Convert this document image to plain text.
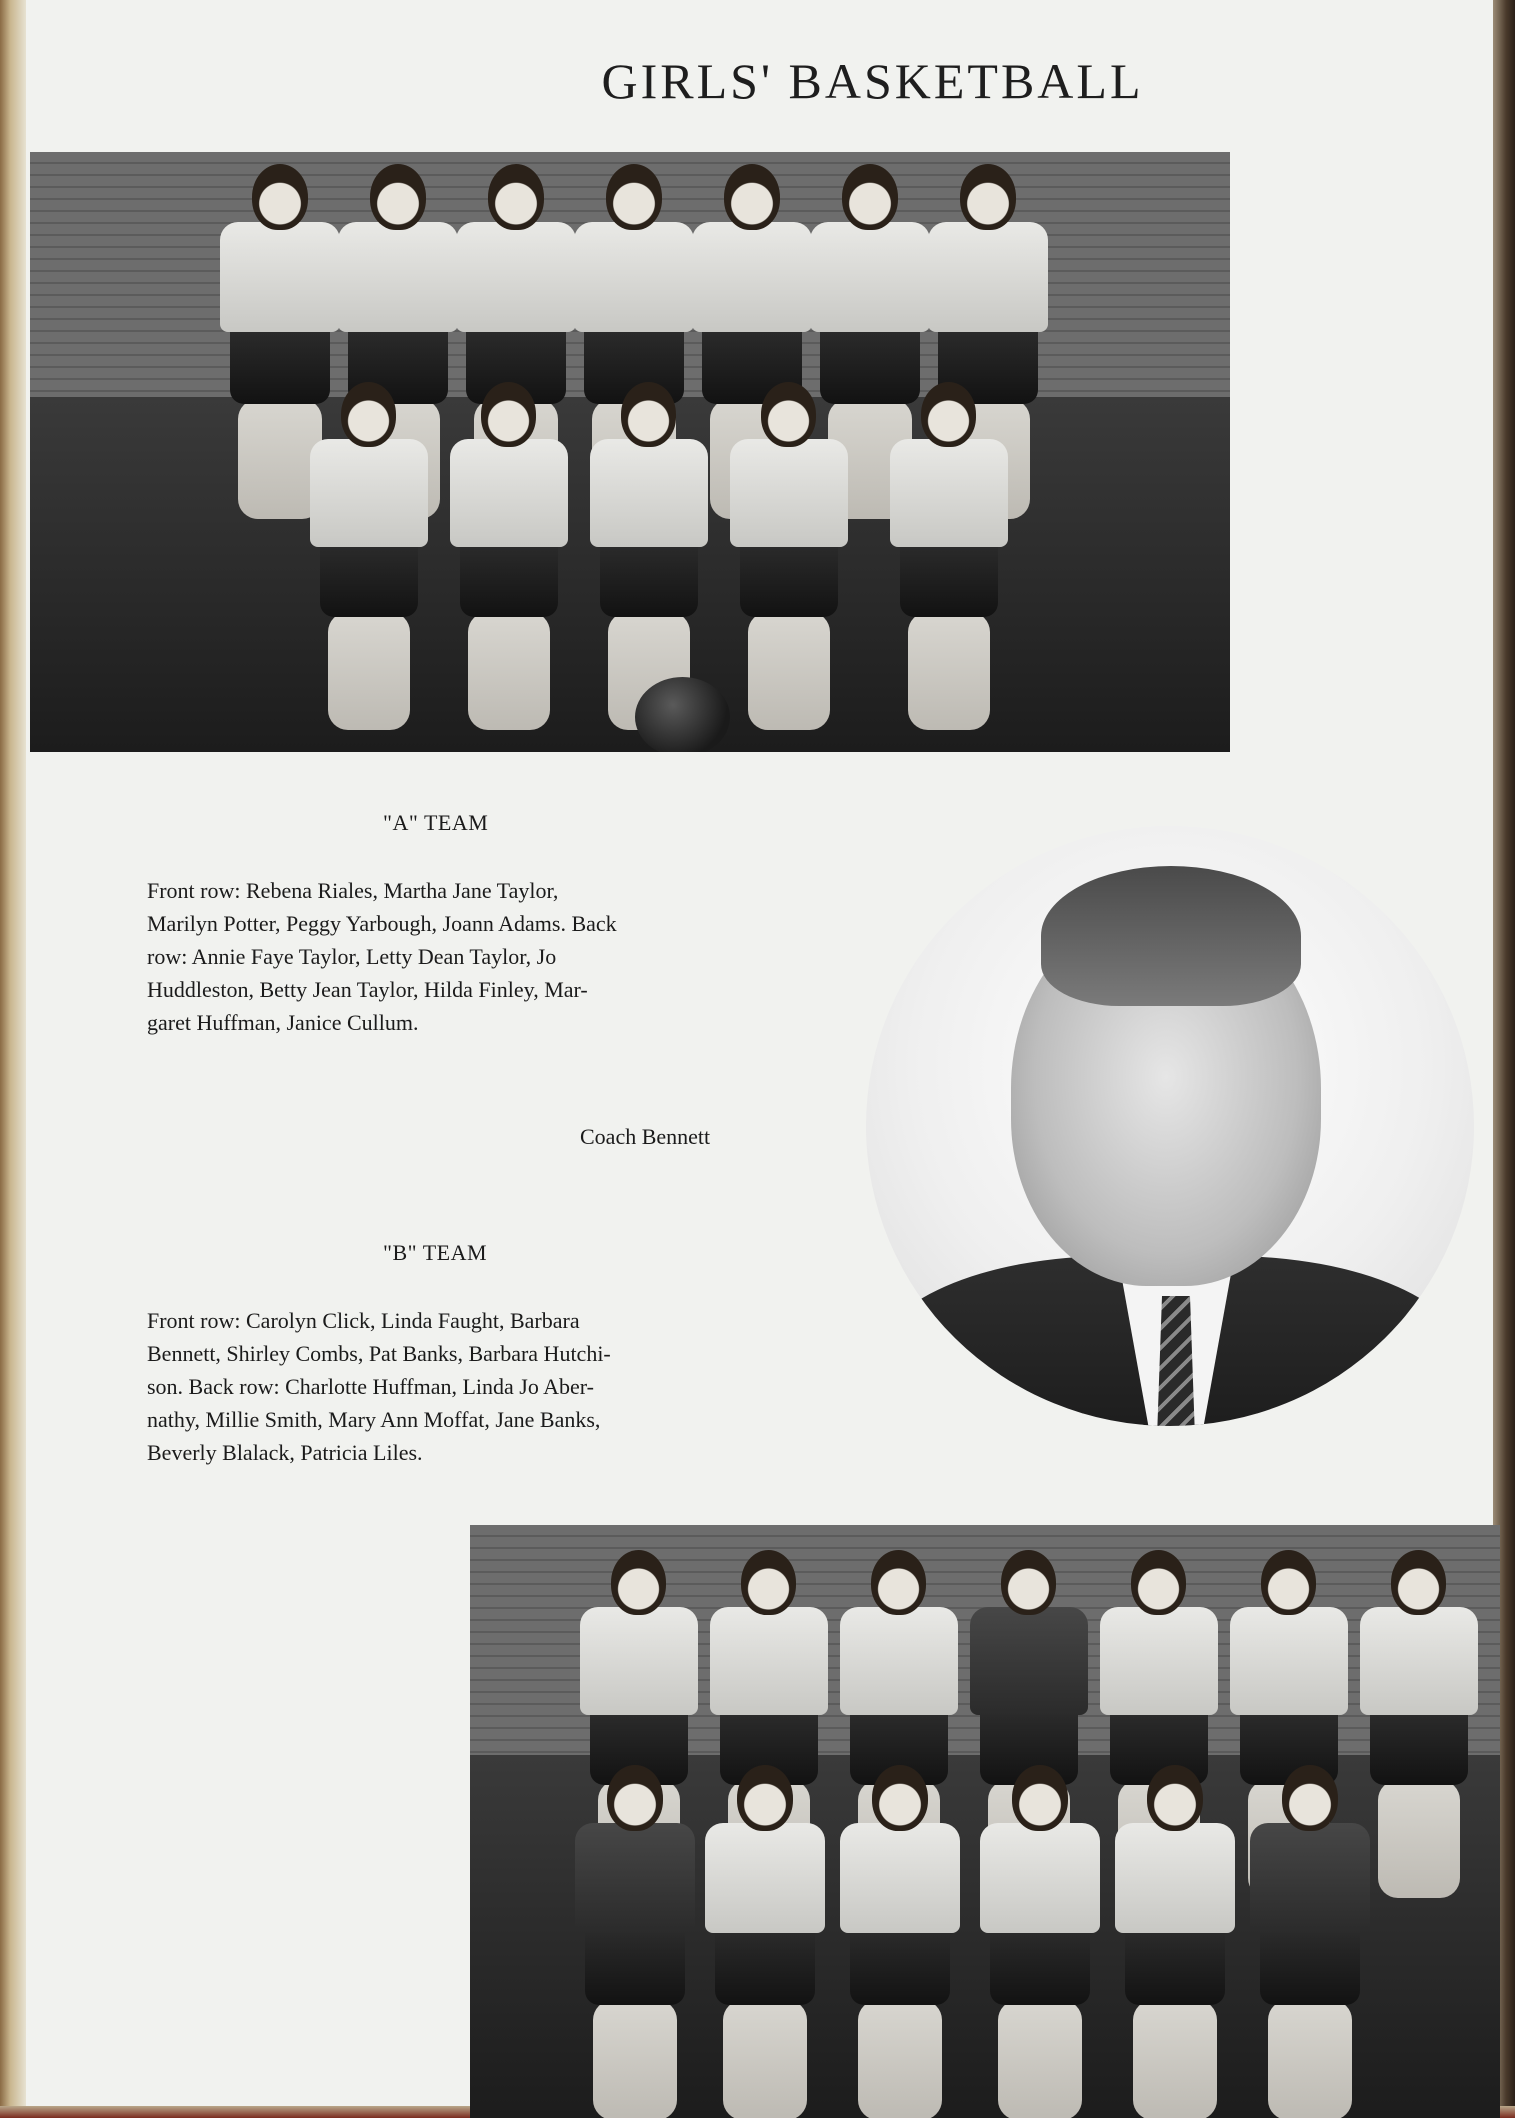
GIRLS' BASKETBALL
"A" TEAM
Front row: Rebena Riales, Martha Jane Taylor,
Marilyn Potter, Peggy Yarbough, Joann Adams. Back
row: Annie Faye Taylor, Letty Dean Taylor, Jo
Huddleston, Betty Jean Taylor, Hilda Finley, Mar-
garet Huffman, Janice Cullum.
Coach Bennett
"B" TEAM
Front row: Carolyn Click, Linda Faught, Barbara
Bennett, Shirley Combs, Pat Banks, Barbara Hutchi-
son. Back row: Charlotte Huffman, Linda Jo Aber-
nathy, Millie Smith, Mary Ann Moffat, Jane Banks,
Beverly Blalack, Patricia Liles.
